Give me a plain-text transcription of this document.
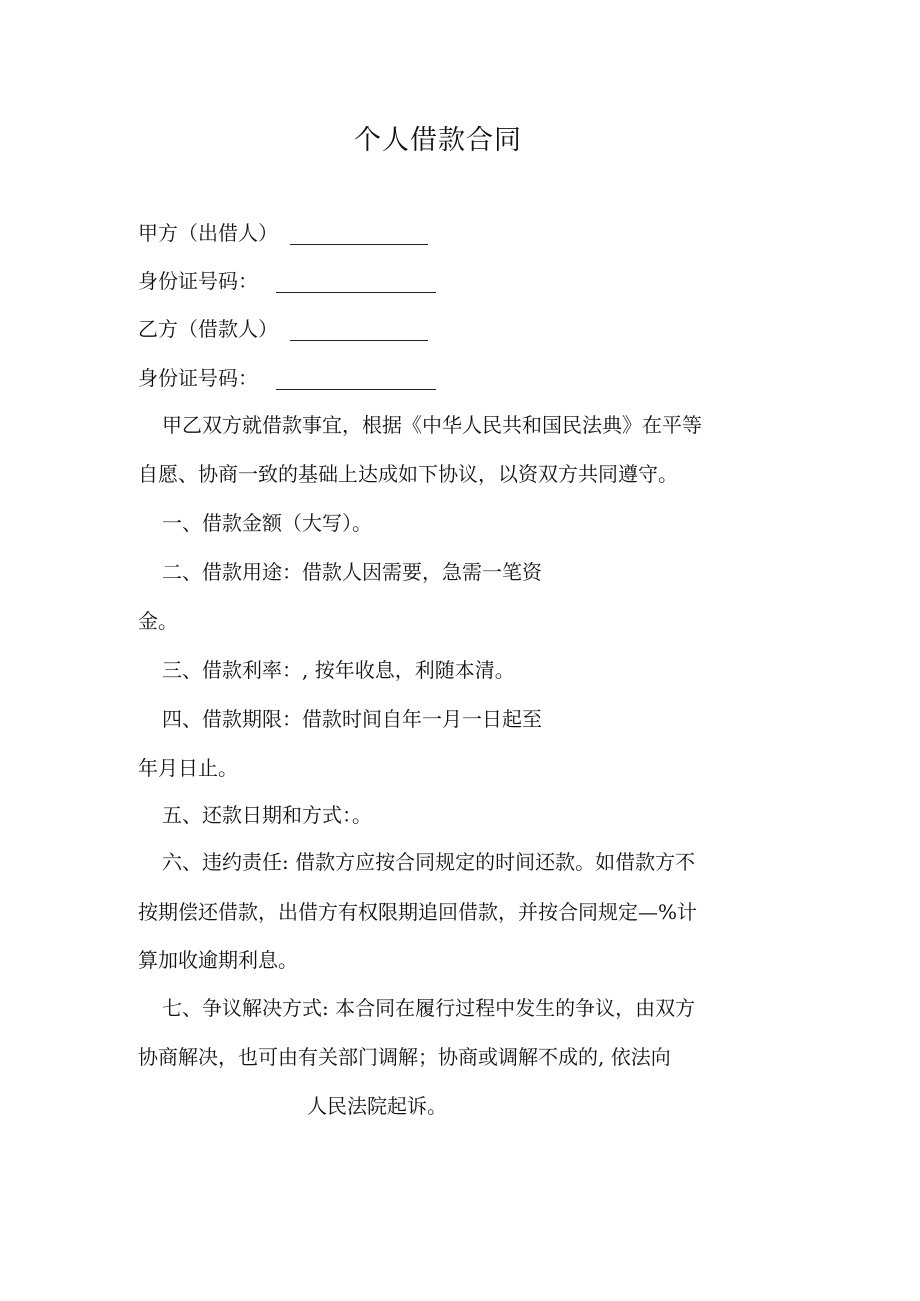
个人借款合同
甲方（出借人）
身份证号码：
乙方（借款人）
身份证号码：
甲乙双方就借款事宜，根据《中华人民共和国民法典》在平等
自愿、协商一致的基础上达成如下协议，以资双方共同遵守。
一、借款金额（大写）。
二、借款用途：借款人因需要，急需一笔资
金。
三、借款利率：, 按年收息，利随本清。
四、借款期限：借款时间自年一月一日起至
年月日止。
五、还款日期和方式：。
六、违约责任: 借款方应按合同规定的时间还款。如借款方不
按期偿还借款，出借方有权限期追回借款，并按合同规定—%计
算加收逾期利息。
七、争议解决方式: 本合同在履行过程中发生的争议，由双方
协商解决，也可由有关部门调解；协商或调解不成的, 依法向
人民法院起诉。
